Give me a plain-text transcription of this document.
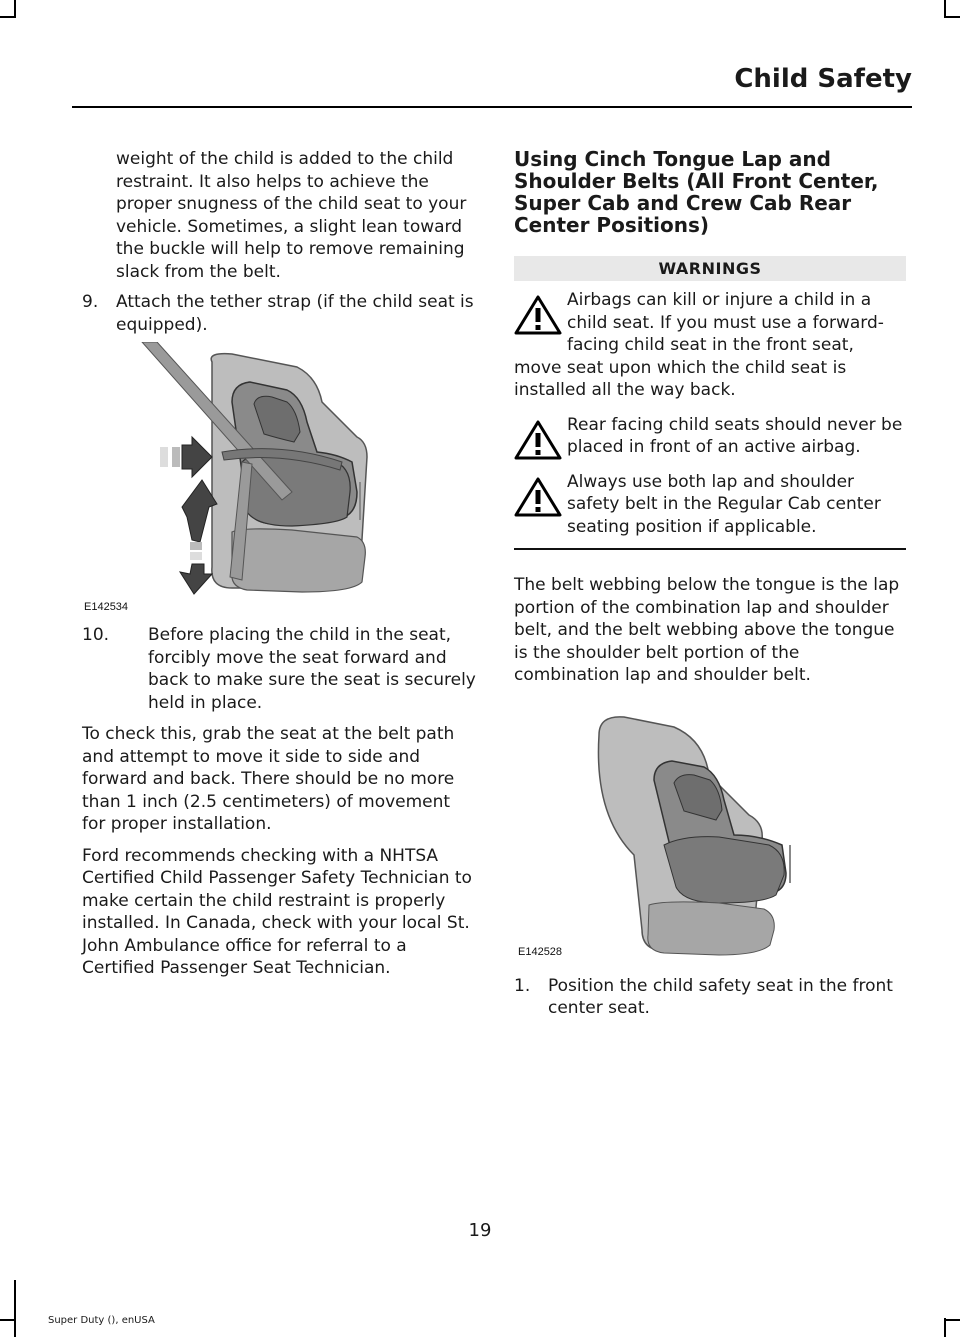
Child Safety

weight of the child is added to the child restraint. It also helps to achieve the proper snugness of the child seat to your vehicle. Sometimes, a slight lean toward the buckle will help to remove remaining slack from the belt.

9.	Attach the tether strap (if the child seat is equipped).
E142534
10.	Before placing the child in the seat, forcibly move the seat forward and back to make sure the seat is securely held in place.

To check this, grab the seat at the belt path and attempt to move it side to side and forward and back. There should be no more than 1 inch (2.5 centimeters) of movement for proper installation.

Ford recommends checking with a NHTSA Certified Child Passenger Safety Technician to make certain the child restraint is properly installed. In Canada, check with your local St. John Ambulance office for referral to a Certified Passenger Seat Technician.

Using Cinch Tongue Lap and Shoulder Belts (All Front Center, Super Cab and Crew Cab Rear Center Positions)
WARNINGS

Airbags can kill or injure a child in a child seat. If you must use a forward-facing child seat in the front seat, move seat upon which the child seat is installed all the way back.

Rear facing child seats should never be placed in front of an active airbag.

Always use both lap and shoulder safety belt in the Regular Cab center seating position if applicable.

The belt webbing below the tongue is the lap portion of the combination lap and shoulder belt, and the belt webbing above the tongue is the shoulder belt portion of the combination lap and shoulder belt.

E142528
1.	Position the child safety seat in the front center seat.
19
Super Duty (), enUSA
